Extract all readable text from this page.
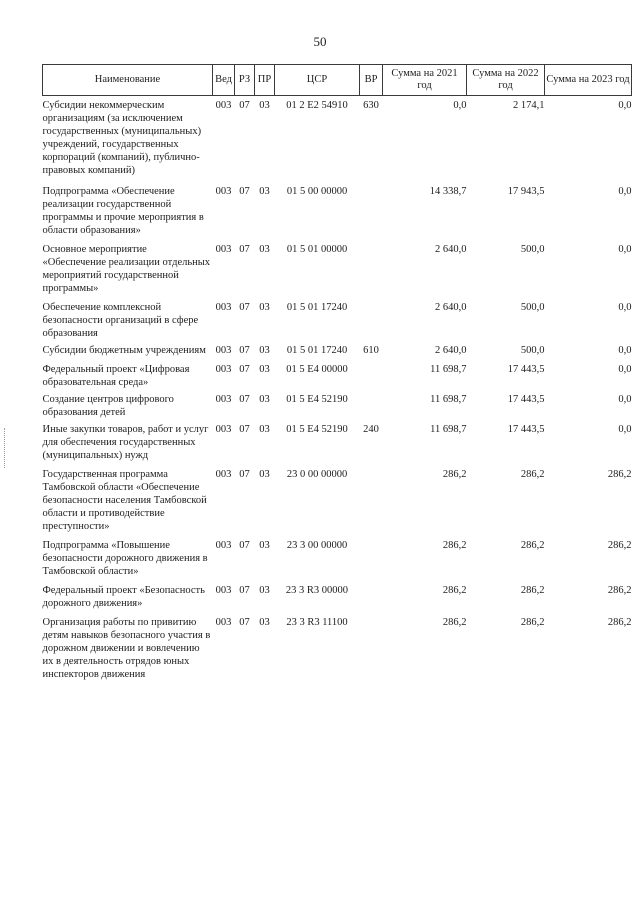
50
Наименование	Вед	РЗ	ПР	ЦСР	ВР	Сумма на 2021 год	Сумма на 2022 год	Сумма на 2023 год
Субсидии некоммерческим организациям (за исключением государственных (муниципальных) учреждений, государственных корпораций (компаний), публично-правовых компаний)	003	07	03	01 2 E2 54910	630	0,0	2 174,1	0,0
Подпрограмма «Обеспечение реализации государственной программы и прочие мероприятия в области образования»	003	07	03	01 5 00 00000		14 338,7	17 943,5	0,0
Основное мероприятие «Обеспечение реализации отдельных мероприятий государственной программы»	003	07	03	01 5 01 00000		2 640,0	500,0	0,0
Обеспечение комплексной безопасности организаций в сфере образования	003	07	03	01 5 01 17240		2 640,0	500,0	0,0
Субсидии бюджетным учреждениям	003	07	03	01 5 01 17240	610	2 640,0	500,0	0,0
Федеральный проект «Цифровая образовательная среда»	003	07	03	01 5 E4 00000		11 698,7	17 443,5	0,0
Создание центров цифрового образования детей	003	07	03	01 5 E4 52190		11 698,7	17 443,5	0,0
Иные закупки товаров, работ и услуг для обеспечения государственных (муниципальных) нужд	003	07	03	01 5 E4 52190	240	11 698,7	17 443,5	0,0
Государственная программа Тамбовской области «Обеспечение безопасности населения Тамбовской области и противодействие преступности»	003	07	03	23 0 00 00000		286,2	286,2	286,2
Подпрограмма «Повышение безопасности дорожного движения в Тамбовской области»	003	07	03	23 3 00 00000		286,2	286,2	286,2
Федеральный проект «Безопасность дорожного движения»	003	07	03	23 3 R3 00000		286,2	286,2	286,2
Организация работы по привитию детям навыков безопасного участия в дорожном движении и вовлечению их в деятельность отрядов юных инспекторов движения	003	07	03	23 3 R3 11100		286,2	286,2	286,2
